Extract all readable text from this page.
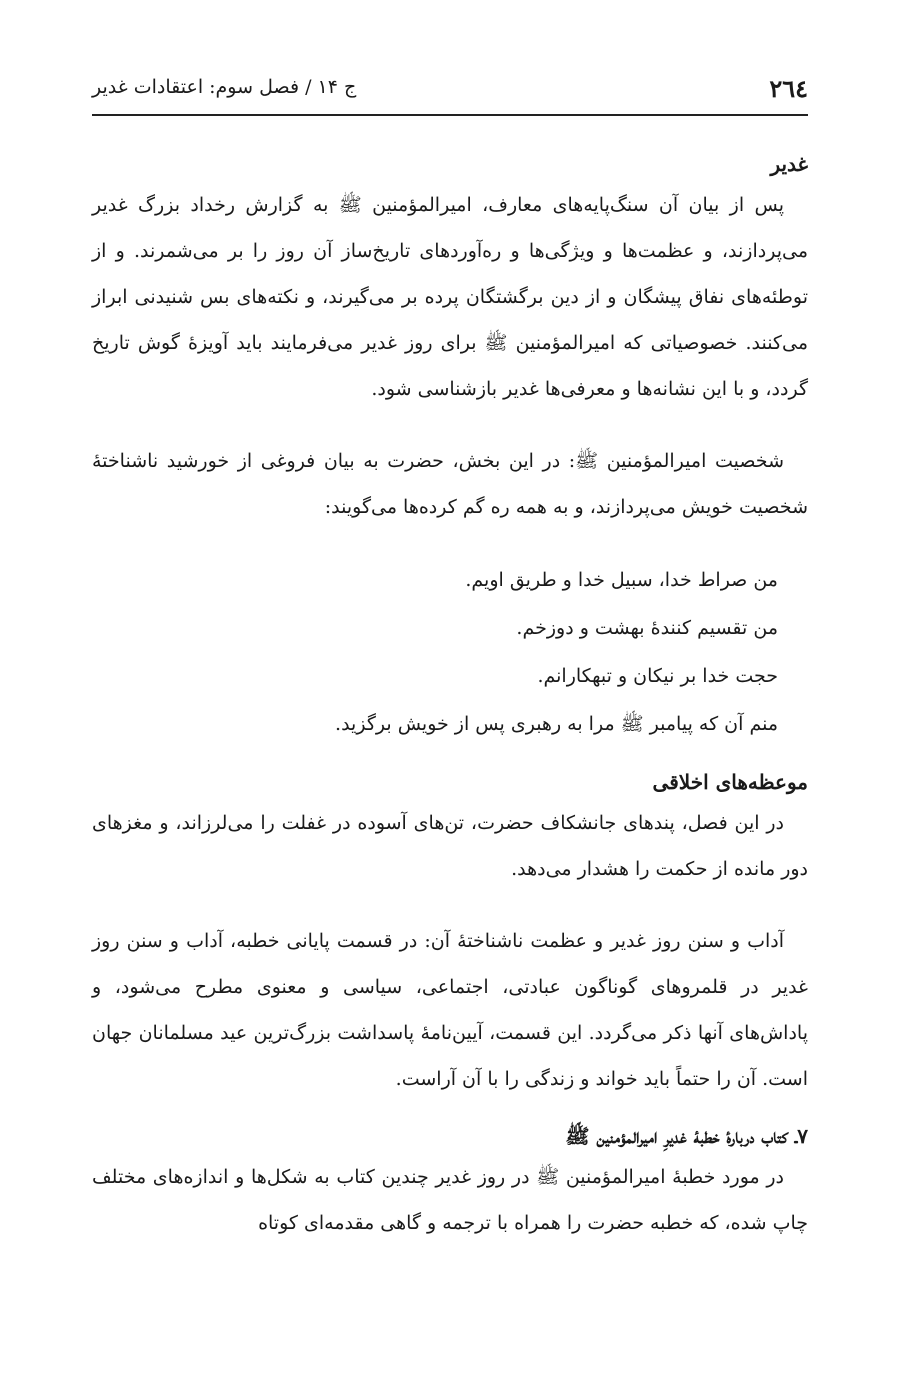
۲٦٤
ج ۱۴ / فصل سوم: اعتقادات غدیر
غدیر

پس از بیان آن سنگ‌پایه‌های معارف، امیرالمؤمنین ﷺ به گزارش رخداد بزرگ غدیر می‌پردازند، و عظمت‌ها و ویژگی‌ها و ره‌آوردهای تاریخ‌ساز آن روز را بر می‌شمرند. و از توطئه‌های نفاق پیشگان و از دین برگشتگان پرده بر می‌گیرند، و نکته‌های بس شنیدنی ابراز می‌کنند. خصوصیاتی که امیرالمؤمنین ﷺ برای روز غدیر می‌فرمایند باید آویزهٔ گوش تاریخ گردد، و با این نشانه‌ها و معرفی‌ها غدیر بازشناسی شود.

شخصیت امیرالمؤمنین ﷺ: در این بخش، حضرت به بیان فروغی از خورشید ناشناختهٔ شخصیت خویش می‌پردازند، و به همه ره گم کرده‌ها می‌گویند:

من صراط خدا، سبیل خدا و طریق اویم.

من تقسیم کنندهٔ بهشت و دوزخم.

حجت خدا بر نیکان و تبهکارانم.

منم آن که پیامبر ﷺ مرا به رهبری پس از خویش برگزید.

موعظه‌های اخلاقی

در این فصل، پندهای جانشکاف حضرت، تن‌های آسوده در غفلت را می‌لرزاند، و مغزهای دور مانده از حکمت را هشدار می‌دهد.

آداب و سنن روز غدیر و عظمت ناشناختهٔ آن: در قسمت پایانی خطبه، آداب و سنن روز غدیر در قلمروهای گوناگون عبادتی، اجتماعی، سیاسی و معنوی مطرح می‌شود، و پاداش‌های آنها ذکر می‌گردد. این قسمت، آیین‌نامهٔ پاسداشت بزرگ‌ترین عید مسلمانان جهان است. آن را حتماً باید خواند و زندگی را با آن آراست.

۷ـ کتاب دربارهٔ خطبهٔ غدیرِ امیرالمؤمنین ﷺ

در مورد خطبهٔ امیرالمؤمنین ﷺ در روز غدیر چندین کتاب به شکل‌ها و اندازه‌های مختلف چاپ شده، که خطبه حضرت را همراه با ترجمه و گاهی مقدمه‌ای کوتاه
